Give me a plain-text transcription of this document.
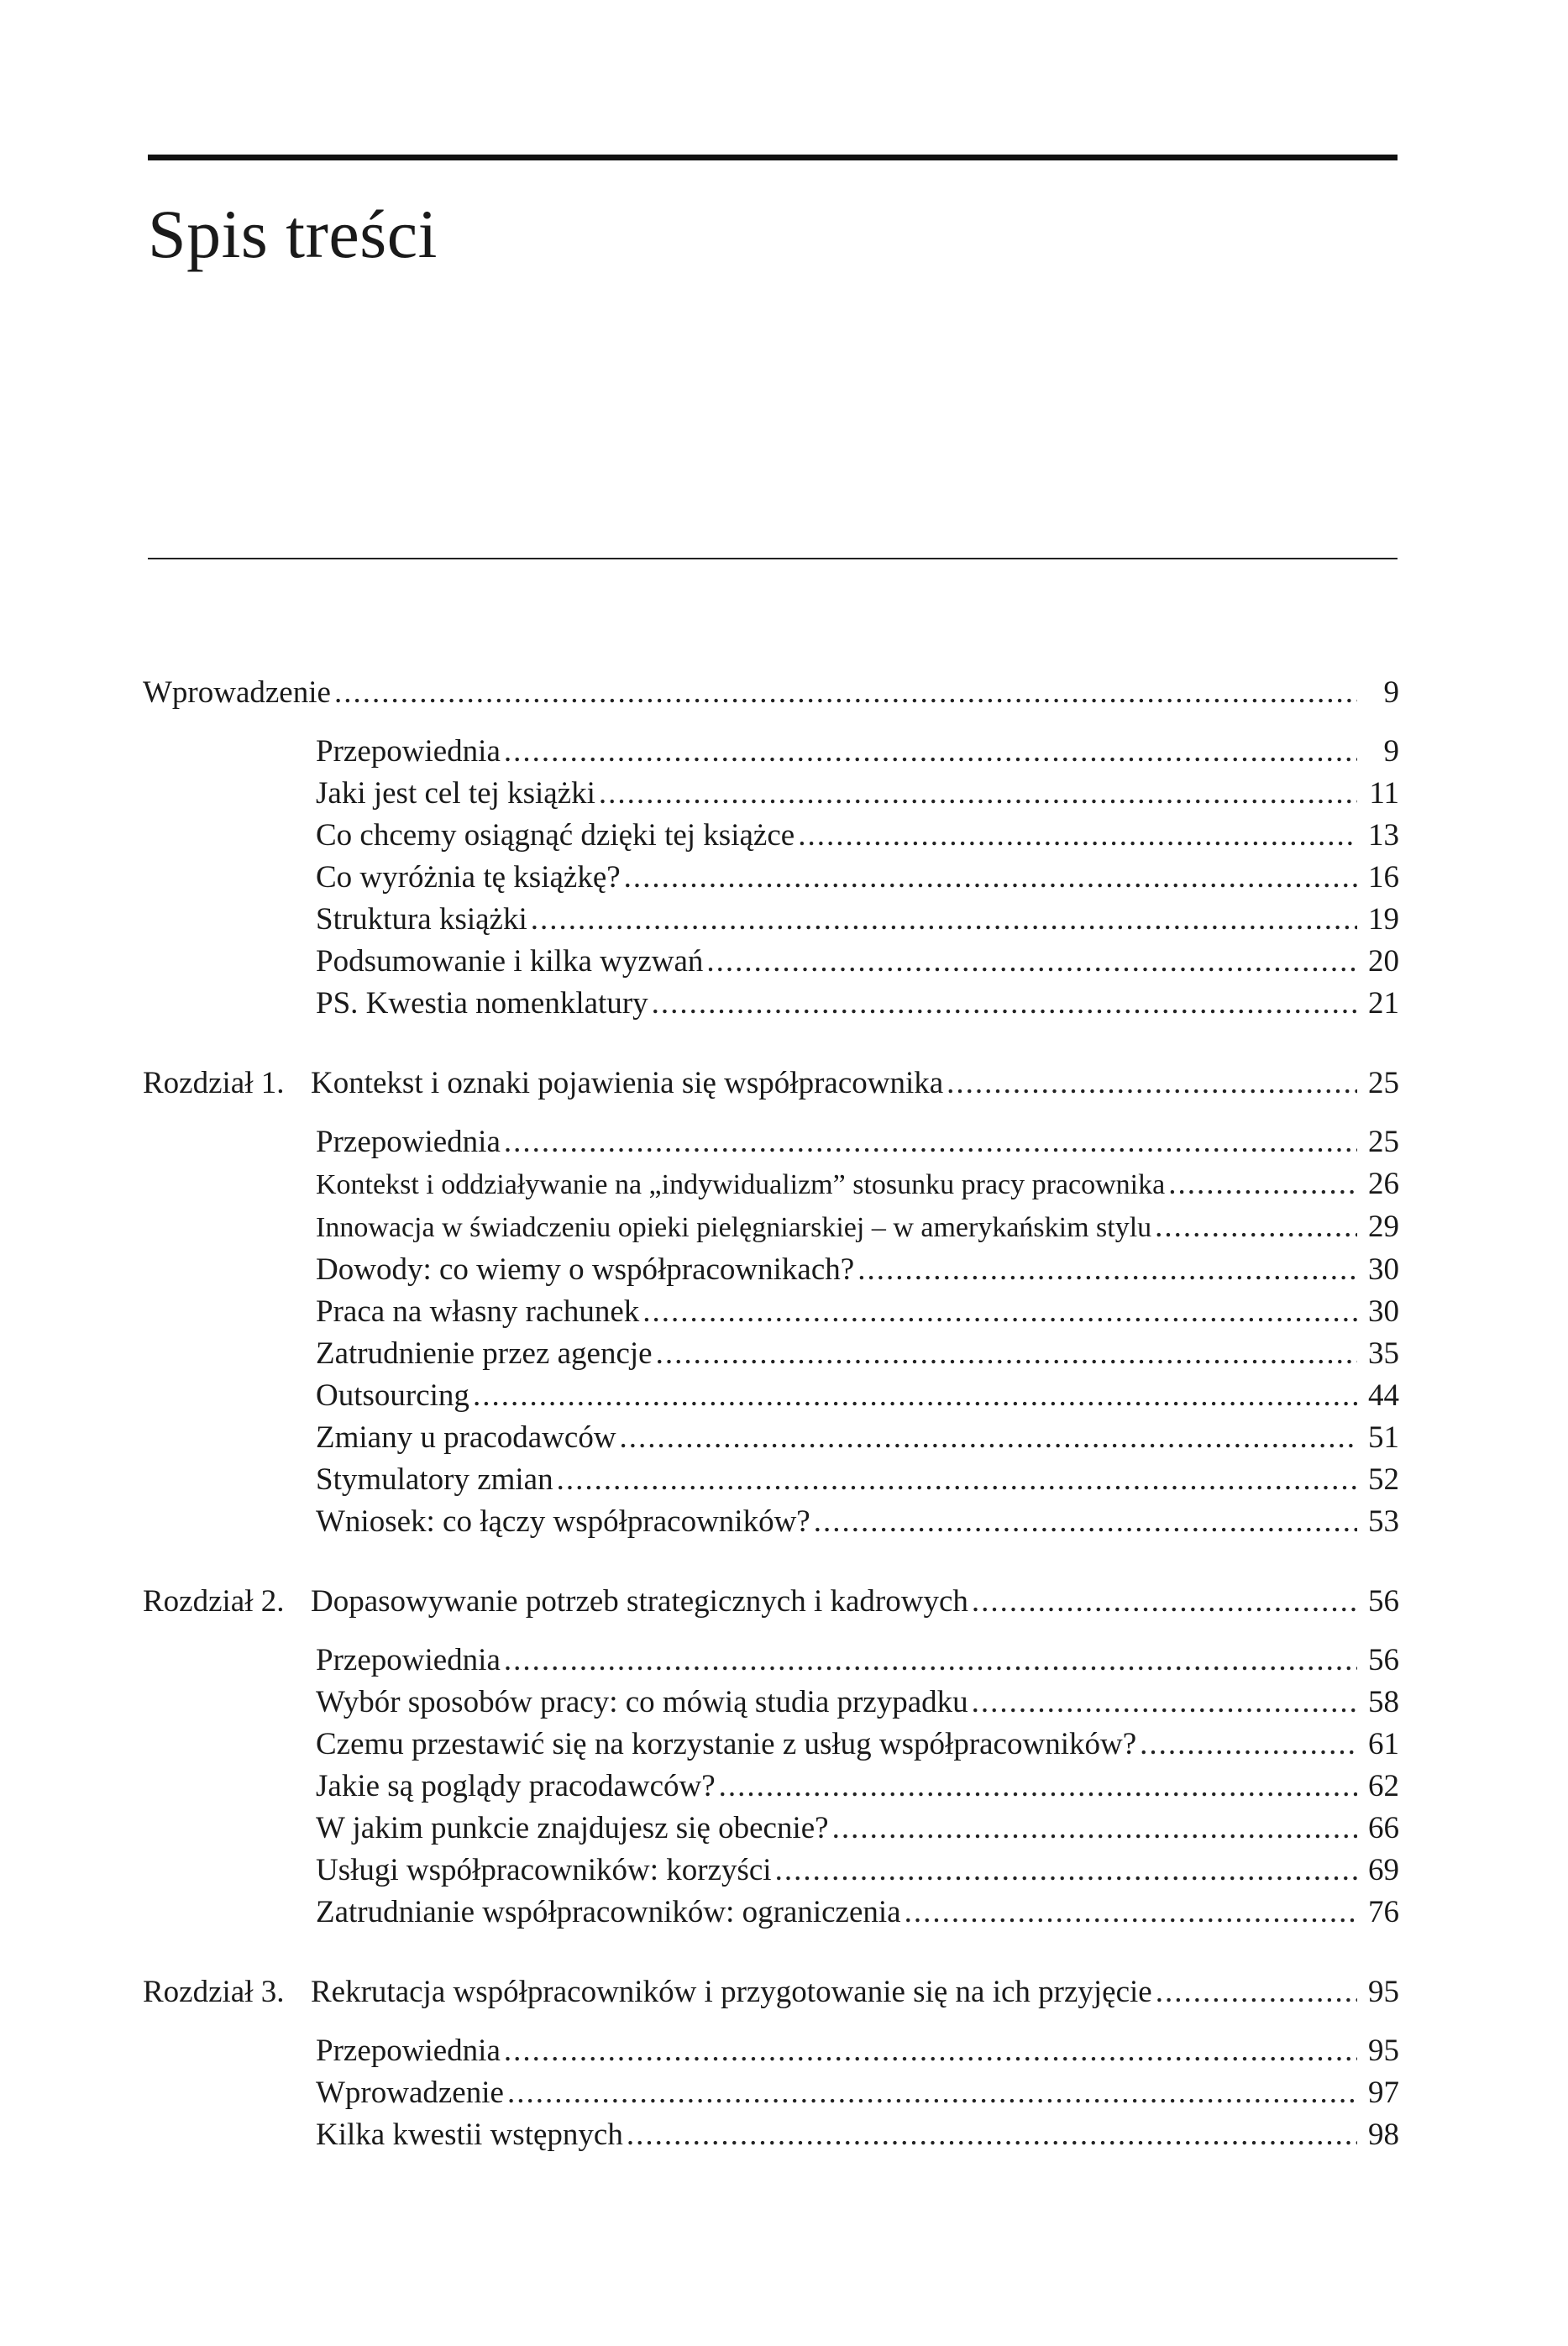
Spis treści
Wprowadzenie .....	9
Przepowiednia .....	9
Jaki jest cel tej książki .....	11
Co chcemy osiągnąć dzięki tej książce .....	13
Co wyróżnia tę książkę? .....	16
Struktura książki .....	19
Podsumowanie i kilka wyzwań .....	20
PS. Kwestia nomenklatury .....	21
Rozdział 1. Kontekst i oznaki pojawienia się współpracownika .....	25
Przepowiednia .....	25
Kontekst i oddziaływanie na „indywidualizm” stosunku pracy pracownika .....	26
Innowacja w świadczeniu opieki pielęgniarskiej – w amerykańskim stylu .....	29
Dowody: co wiemy o współpracownikach? .....	30
Praca na własny rachunek .....	30
Zatrudnienie przez agencje .....	35
Outsourcing .....	44
Zmiany u pracodawców .....	51
Stymulatory zmian .....	52
Wniosek: co łączy współpracowników? .....	53
Rozdział 2. Dopasowywanie potrzeb strategicznych i kadrowych .....	56
Przepowiednia .....	56
Wybór sposobów pracy: co mówią studia przypadku .....	58
Czemu przestawić się na korzystanie z usług współpracowników? .....	61
Jakie są poglądy pracodawców? .....	62
W jakim punkcie znajdujesz się obecnie? .....	66
Usługi współpracowników: korzyści .....	69
Zatrudnianie współpracowników: ograniczenia .....	76
Rozdział 3. Rekrutacja współpracowników i przygotowanie się na ich przyjęcie .....	95
Przepowiednia .....	95
Wprowadzenie .....	97
Kilka kwestii wstępnych .....	98
